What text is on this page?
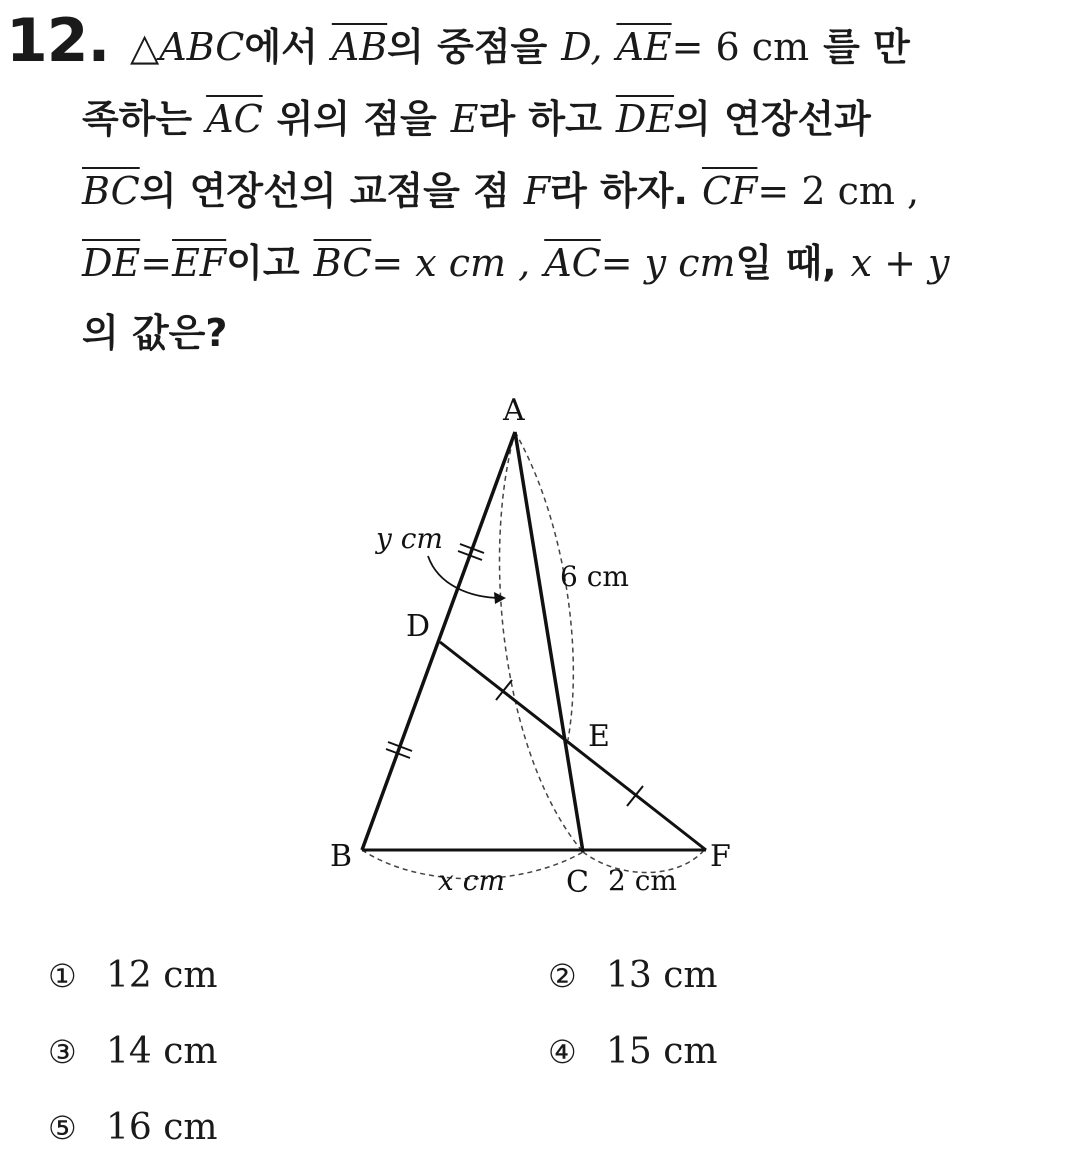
12. △ABC에서 $\overline{AB}$의 중점을 D, $\overline{AE}= 6$ cm 를 만
족하는 $\overline{AC}$ 위의 점을 E라 하고 $\overline{DE}$의 연장선과
$\overline{BC}$의 연장선의 교점을 점 F라 하자. $\overline{CF}= 2$ cm ,
$\overline{DE}=\overline{EF}$이고 $\overline{BC}= x$ cm , $\overline{AC}= y$ cm일 때, x + y
의 값은?
A
D
E
B
C
F
y cm
6 cm
x cm	2 cm
① 12 cm	② 13 cm
③ 14 cm	④ 15 cm
⑤ 16 cm
